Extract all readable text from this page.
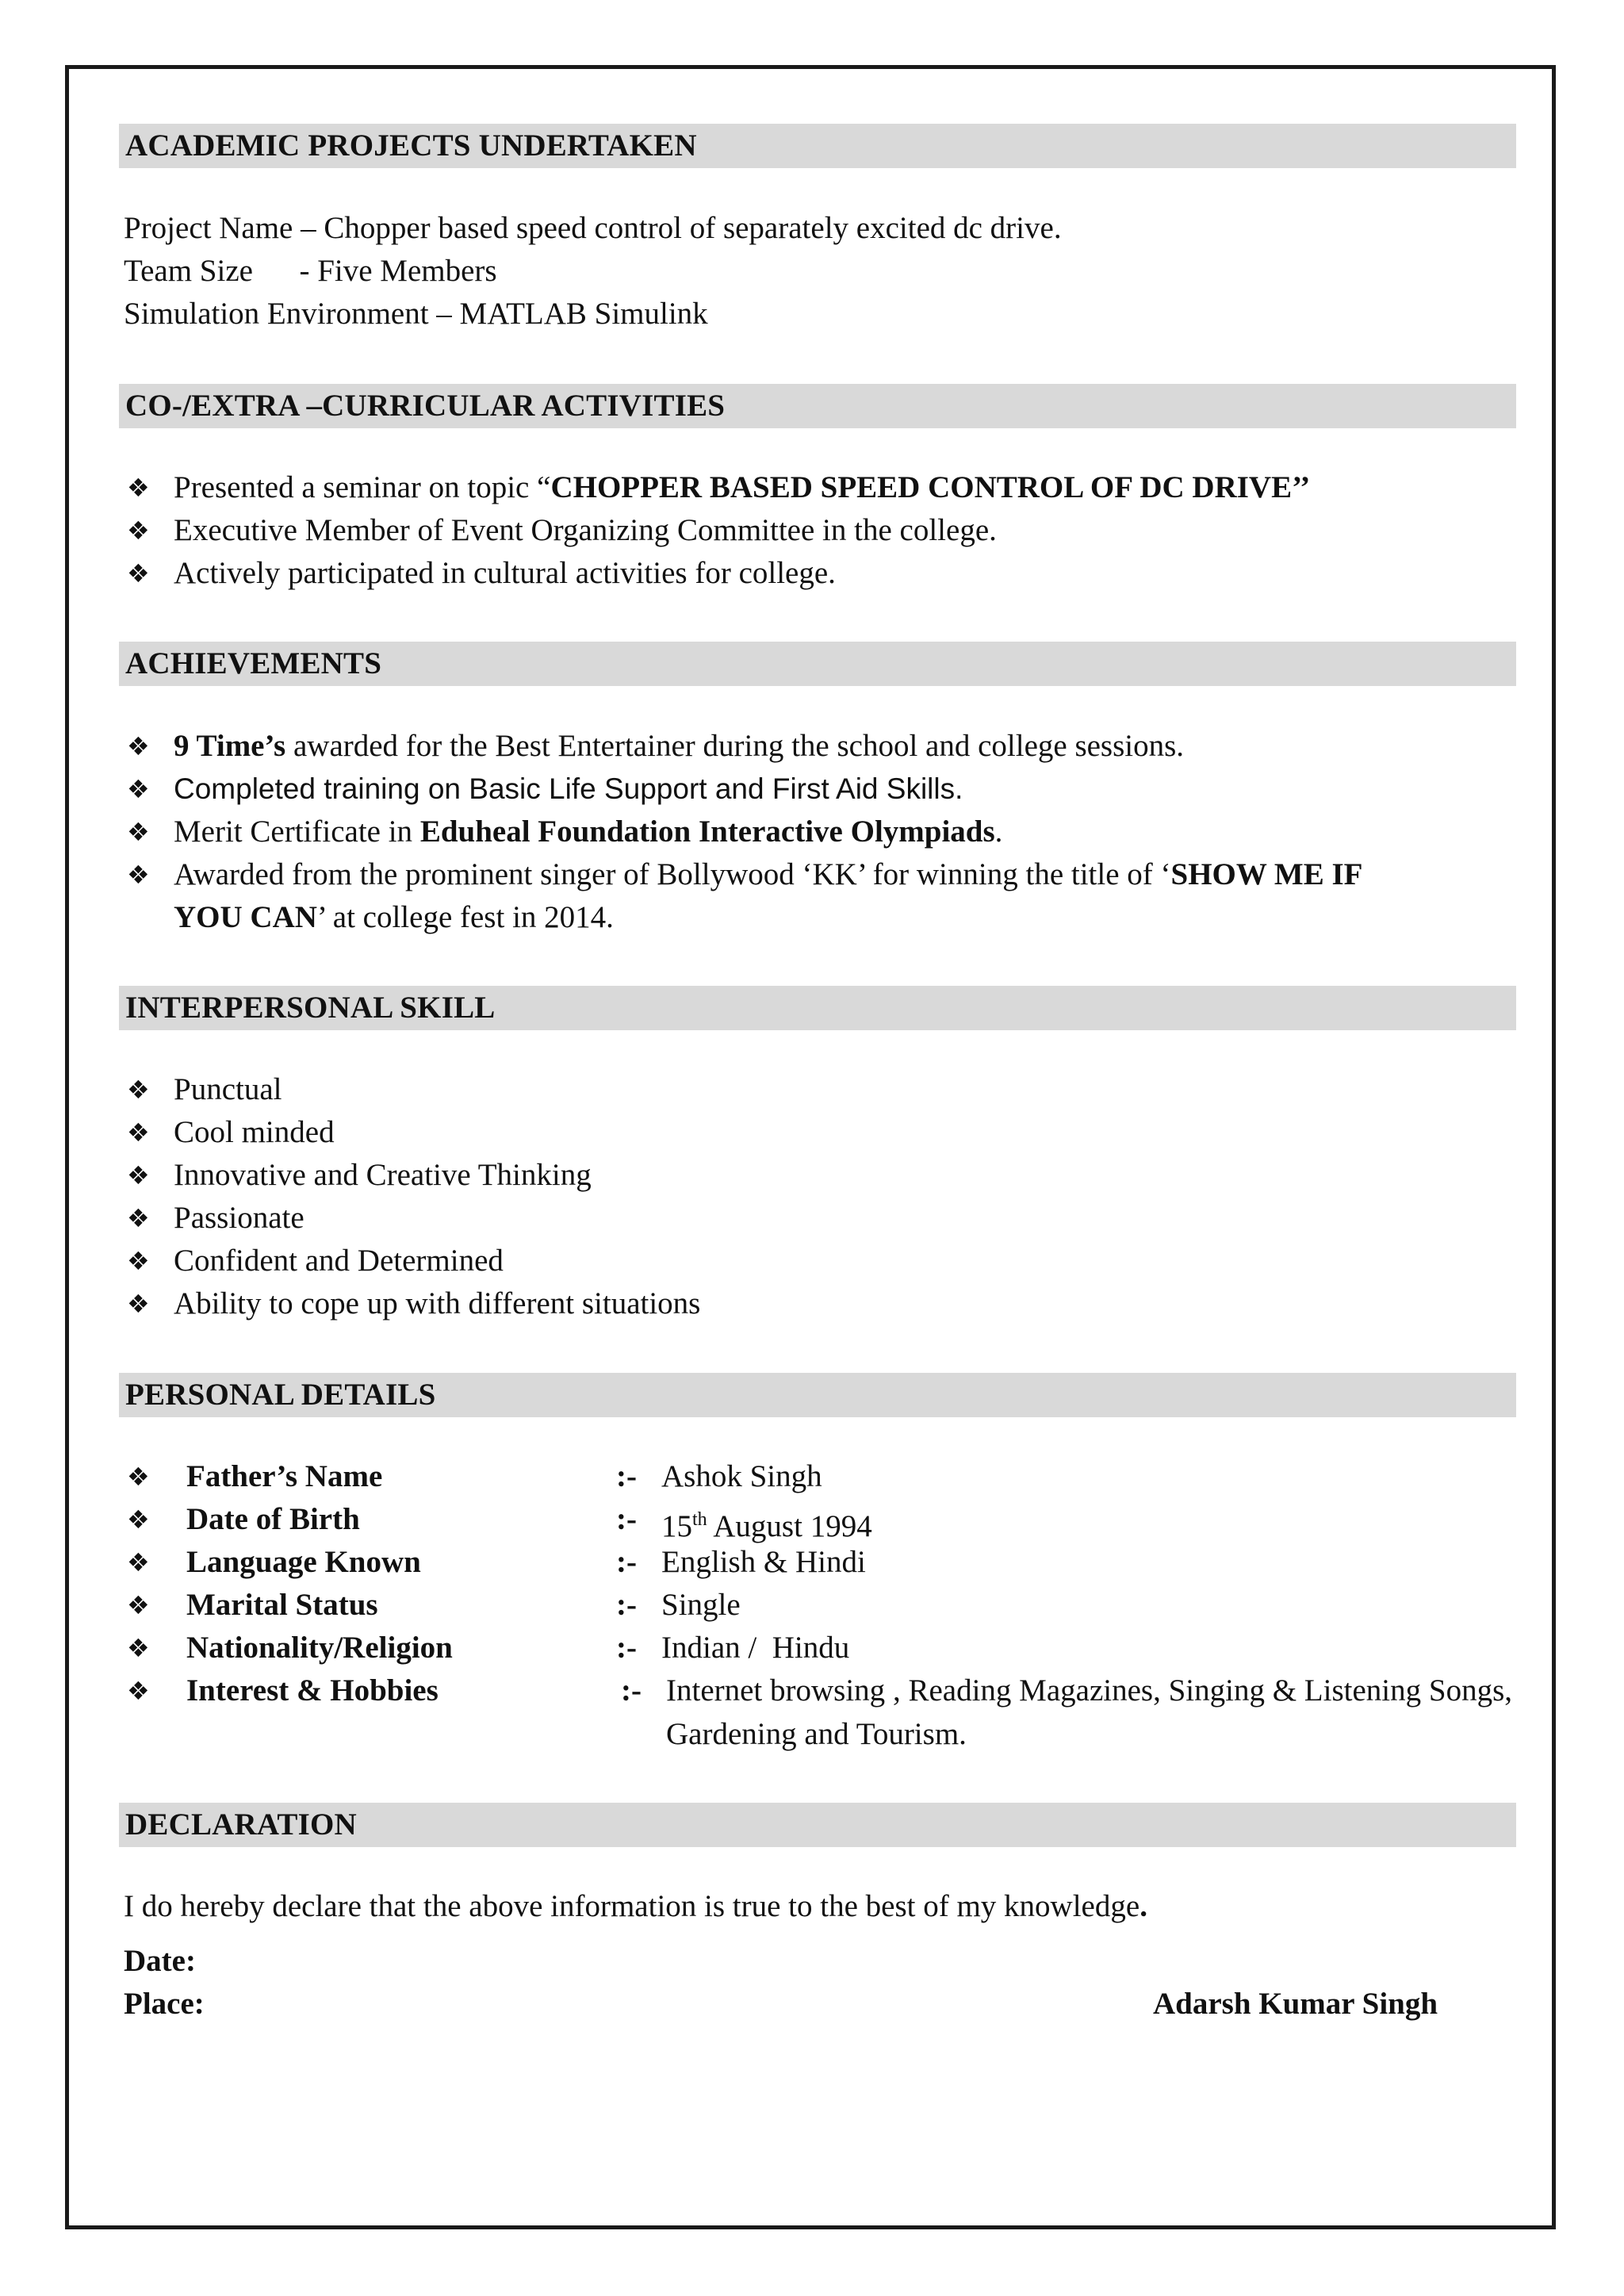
ACADEMIC PROJECTS UNDERTAKEN
Project Name – Chopper based speed control of separately excited dc drive.
Team Size      - Five Members
Simulation Environment – MATLAB Simulink
CO-/EXTRA –CURRICULAR ACTIVITIES
❖ Presented a seminar on topic “CHOPPER BASED SPEED CONTROL OF DC DRIVE’’
❖ Executive Member of Event Organizing Committee in the college.
❖ Actively participated in cultural activities for college.
ACHIEVEMENTS
❖ 9 Time’s awarded for the Best Entertainer during the school and college sessions.
❖ Completed training on Basic Life Support and First Aid Skills.
❖ Merit Certificate in Eduheal Foundation Interactive Olympiads.
❖ Awarded from the prominent singer of Bollywood ‘KK’ for winning the title of ‘SHOW ME IF
YOU CAN’ at college fest in 2014.
INTERPERSONAL SKILL
❖ Punctual
❖ Cool minded
❖ Innovative and Creative Thinking
❖ Passionate
❖ Confident and Determined
❖ Ability to cope up with different situations
PERSONAL DETAILS
❖ Father’s Name	:- Ashok Singh
❖ Date of Birth	:- 15th August 1994
❖ Language Known	:- English & Hindi
❖ Marital Status	:- Single
❖ Nationality/Religion	:- Indian /  Hindu
❖ Interest & Hobbies	:- Internet browsing , Reading Magazines, Singing & Listening Songs, Gardening and Tourism.
DECLARATION
I do hereby declare that the above information is true to the best of my knowledge.
Date:
Place:	Adarsh Kumar Singh
